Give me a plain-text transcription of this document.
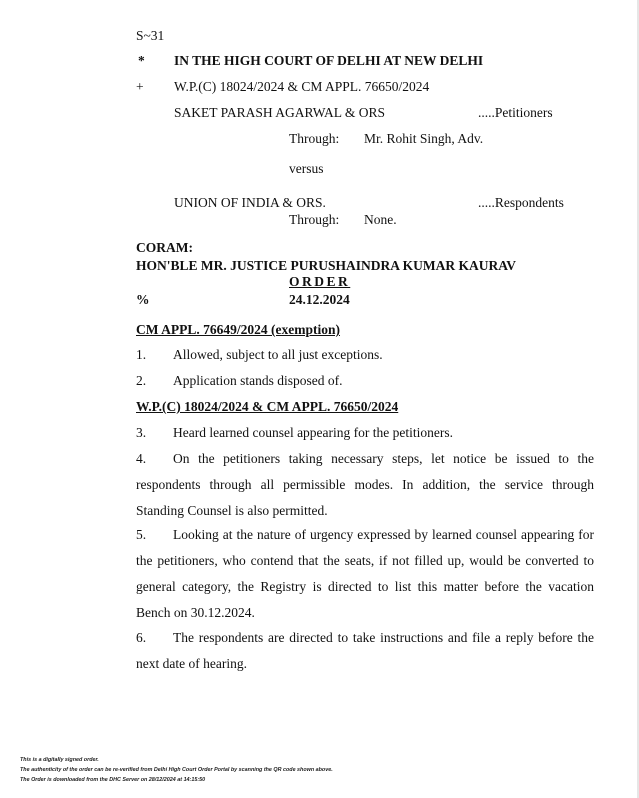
S~31
* IN THE HIGH COURT OF DELHI AT NEW DELHI
+ W.P.(C) 18024/2024 & CM APPL. 76650/2024
SAKET PARASH AGARWAL & ORS	.....Petitioners
Through: Mr. Rohit Singh, Adv.
versus
UNION OF INDIA & ORS.	.....Respondents
Through: None.
CORAM:
HON'BLE MR. JUSTICE PURUSHAINDRA KUMAR KAURAV
ORDER
%	24.12.2024
CM APPL. 76649/2024 (exemption)
1. Allowed, subject to all just exceptions.
2. Application stands disposed of.
W.P.(C) 18024/2024 & CM APPL. 76650/2024
3. Heard learned counsel appearing for the petitioners.
4. On the petitioners taking necessary steps, let notice be issued to the respondents through all permissible modes. In addition, the service through Standing Counsel is also permitted.
5. Looking at the nature of urgency expressed by learned counsel appearing for the petitioners, who contend that the seats, if not filled up, would be converted to general category, the Registry is directed to list this matter before the vacation Bench on 30.12.2024.
6. The respondents are directed to take instructions and file a reply before the next date of hearing.
This is a digitally signed order.
The authenticity of the order can be re-verified from Delhi High Court Order Portal by scanning the QR code shown above.
The Order is downloaded from the DHC Server on 28/12/2024 at 14:15:50
